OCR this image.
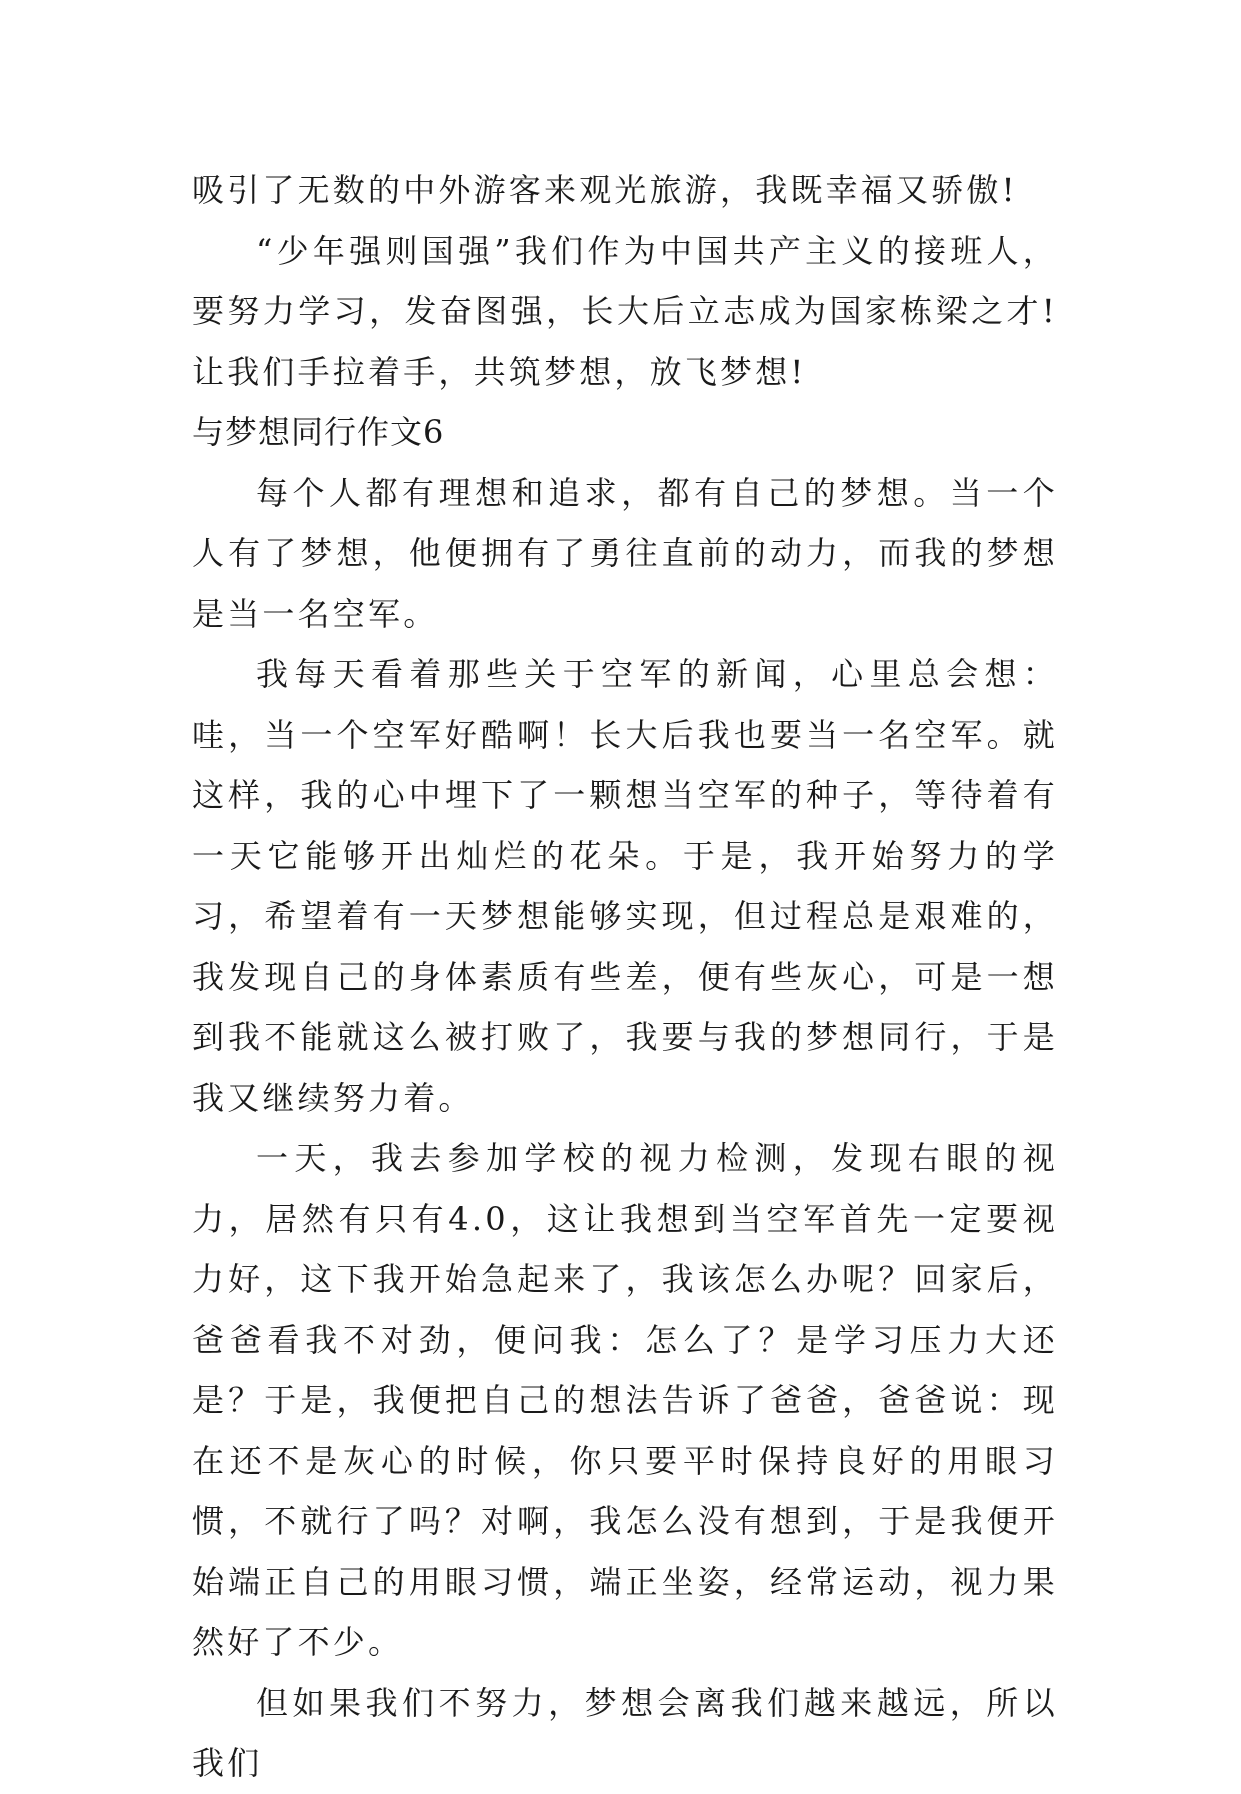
吸引了无数的中外游客来观光旅游，我既幸福又骄傲!

“少年强则国强”我们作为中国共产主义的接班人，要努力学习，发奋图强，长大后立志成为国家栋梁之才!让我们手拉着手，共筑梦想，放飞梦想!

与梦想同行作文6

每个人都有理想和追求，都有自己的梦想。当一个人有了梦想，他便拥有了勇往直前的动力，而我的梦想是当一名空军。

我每天看着那些关于空军的新闻，心里总会想：哇，当一个空军好酷啊！长大后我也要当一名空军。就这样，我的心中埋下了一颗想当空军的种子，等待着有一天它能够开出灿烂的花朵。于是，我开始努力的学习，希望着有一天梦想能够实现，但过程总是艰难的，我发现自己的身体素质有些差，便有些灰心，可是一想到我不能就这么被打败了，我要与我的梦想同行，于是我又继续努力着。

一天，我去参加学校的视力检测，发现右眼的视力，居然有只有4.0，这让我想到当空军首先一定要视力好，这下我开始急起来了，我该怎么办呢？回家后，爸爸看我不对劲，便问我：怎么了？是学习压力大还是？于是，我便把自己的想法告诉了爸爸，爸爸说：现在还不是灰心的时候，你只要平时保持良好的用眼习惯，不就行了吗？对啊，我怎么没有想到，于是我便开始端正自己的用眼习惯，端正坐姿，经常运动，视力果然好了不少。

但如果我们不努力，梦想会离我们越来越远，所以我们
